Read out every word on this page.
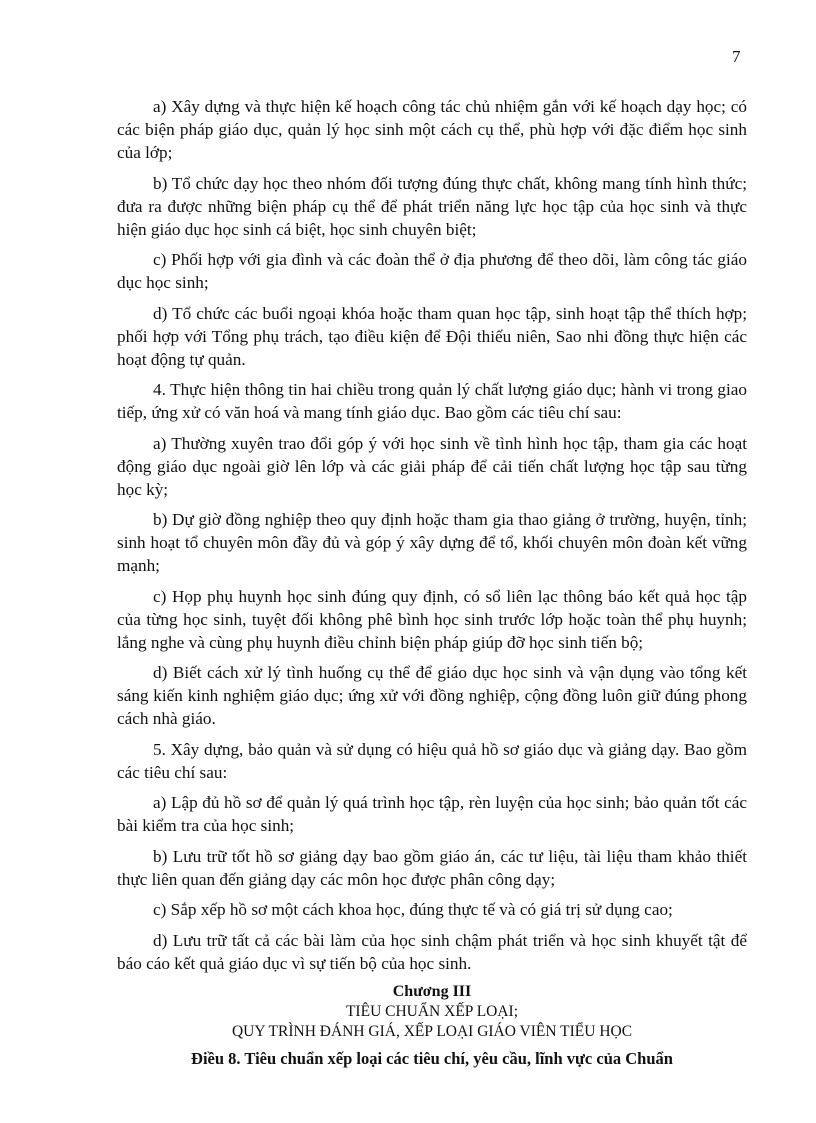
7

a) Xây dựng và thực hiện kế hoạch công tác chủ nhiệm gắn với kế hoạch dạy học; có các biện pháp giáo dục, quản lý học sinh một cách cụ thể, phù hợp với đặc điểm học sinh của lớp;

b) Tổ chức dạy học theo nhóm đối tượng đúng thực chất, không mang tính hình thức; đưa ra được những biện pháp cụ thể để phát triển năng lực học tập của học sinh và thực hiện giáo dục học sinh cá biệt, học sinh chuyên biệt;

c) Phối hợp với gia đình và các đoàn thể ở địa phương để theo dõi, làm công tác giáo dục học sinh;

d) Tổ chức các buổi ngoại khóa hoặc tham quan học tập, sinh hoạt tập thể thích hợp; phối hợp với Tổng phụ trách, tạo điều kiện để Đội thiếu niên, Sao nhi đồng thực hiện các hoạt động tự quản.

4. Thực hiện thông tin hai chiều trong quản lý chất lượng giáo dục; hành vi trong giao tiếp, ứng xử có văn hoá và mang tính giáo dục. Bao gồm các tiêu chí sau:

a) Thường xuyên trao đổi góp ý với học sinh về tình hình học tập, tham gia các hoạt động giáo dục ngoài giờ lên lớp và các giải pháp để cải tiến chất lượng học tập sau từng học kỳ;

b) Dự giờ đồng nghiệp theo quy định hoặc tham gia thao giảng ở trường, huyện, tỉnh; sinh hoạt tổ chuyên môn đầy đủ và góp ý xây dựng để tổ, khối chuyên môn đoàn kết vững mạnh;

c) Họp phụ huynh học sinh đúng quy định, có sổ liên lạc thông báo kết quả học tập của từng học sinh, tuyệt đối không phê bình học sinh trước lớp hoặc toàn thể phụ huynh; lắng nghe và cùng phụ huynh điều chỉnh biện pháp giúp đỡ học sinh tiến bộ;

d) Biết cách xử lý tình huống cụ thể để giáo dục học sinh và vận dụng vào tổng kết sáng kiến kinh nghiệm giáo dục; ứng xử với đồng nghiệp, cộng đồng luôn giữ đúng phong cách nhà giáo.

5. Xây dựng, bảo quản và sử dụng có hiệu quả hồ sơ giáo dục và giảng dạy. Bao gồm các tiêu chí sau:

a) Lập đủ hồ sơ để quản lý quá trình học tập, rèn luyện của học sinh; bảo quản tốt các bài kiểm tra của học sinh;

b) Lưu trữ tốt hồ sơ giảng dạy bao gồm giáo án, các tư liệu, tài liệu tham khảo thiết thực liên quan đến giảng dạy các môn học được phân công dạy;

c) Sắp xếp hồ sơ một cách khoa học, đúng thực tế và có giá trị sử dụng cao;

d) Lưu trữ tất cả các bài làm của học sinh chậm phát triển và học sinh khuyết tật để báo cáo kết quả giáo dục vì sự tiến bộ của học sinh.

Chương III
TIÊU CHUẨN XẾP LOẠI;
QUY TRÌNH ĐÁNH GIÁ, XẾP LOẠI GIÁO VIÊN TIỂU HỌC
Điều 8. Tiêu chuẩn xếp loại các tiêu chí, yêu cầu, lĩnh vực của Chuẩn
